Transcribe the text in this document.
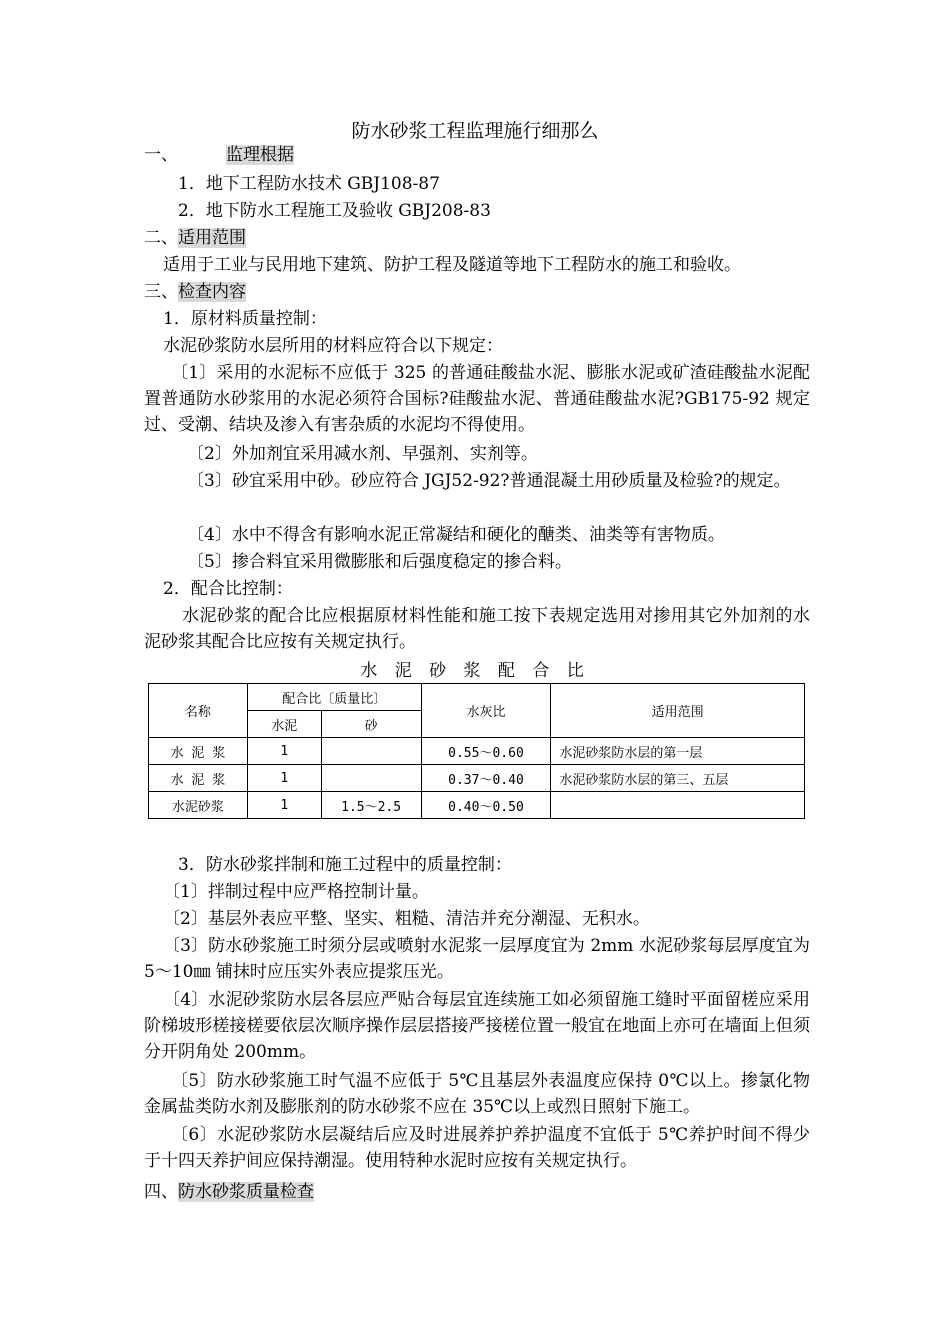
防水砂浆工程监理施行细那么
一、	监理根据
1．地下工程防水技术 GBJ108-87
2．地下防水工程施工及验收 GBJ208-83
二、适用范围
适用于工业与民用地下建筑、防护工程及隧道等地下工程防水的施工和验收。
三、检查内容
1．原材料质量控制：
水泥砂浆防水层所用的材料应符合以下规定：
〔1〕采用的水泥标不应低于 325 的普通硅酸盐水泥、膨胀水泥或矿渣硅酸盐水泥配置普通防水砂浆用的水泥必须符合国标?硅酸盐水泥、普通硅酸盐水泥?GB175-92 规定过、受潮、结块及渗入有害杂质的水泥均不得使用。
〔2〕外加剂宜采用减水剂、早强剂、实剂等。
〔3〕砂宜采用中砂。砂应符合 JGJ52-92?普通混凝土用砂质量及检验?的规定。
〔4〕水中不得含有影响水泥正常凝结和硬化的醣类、油类等有害物质。
〔5〕掺合料宜采用微膨胀和后强度稳定的掺合料。
2．配合比控制：
水泥砂浆的配合比应根据原材料性能和施工按下表规定选用对掺用其它外加剂的水泥砂浆其配合比应按有关规定执行。
水 泥 砂 浆 配 合 比
名称	配合比〔质量比〕		水灰比	适用范围
	水泥	砂		
水 泥 浆	1		0.55～0.60	水泥砂浆防水层的第一层
水 泥 浆	1		0.37～0.40	水泥砂浆防水层的第三、五层
水泥砂浆	1	1.5～2.5	0.40～0.50	
3．防水砂浆拌制和施工过程中的质量控制：
〔1〕拌制过程中应严格控制计量。
〔2〕基层外表应平整、坚实、粗糙、清洁并充分潮湿、无积水。
〔3〕防水砂浆施工时须分层或喷射水泥浆一层厚度宜为 2mm 水泥砂浆每层厚度宜为 5～10㎜ 铺抹时应压实外表应提浆压光。
〔4〕水泥砂浆防水层各层应严贴合每层宜连续施工如必须留施工缝时平面留槎应采用阶梯坡形槎接槎要依层次顺序操作层层搭接严接槎位置一般宜在地面上亦可在墙面上但须分开阴角处 200mm。
〔5〕防水砂浆施工时气温不应低于 5℃且基层外表温度应保持 0℃以上。掺氯化物金属盐类防水剂及膨胀剂的防水砂浆不应在 35℃以上或烈日照射下施工。
〔6〕水泥砂浆防水层凝结后应及时进展养护养护温度不宜低于 5℃养护时间不得少于十四天养护间应保持潮湿。使用特种水泥时应按有关规定执行。
四、防水砂浆质量检查
